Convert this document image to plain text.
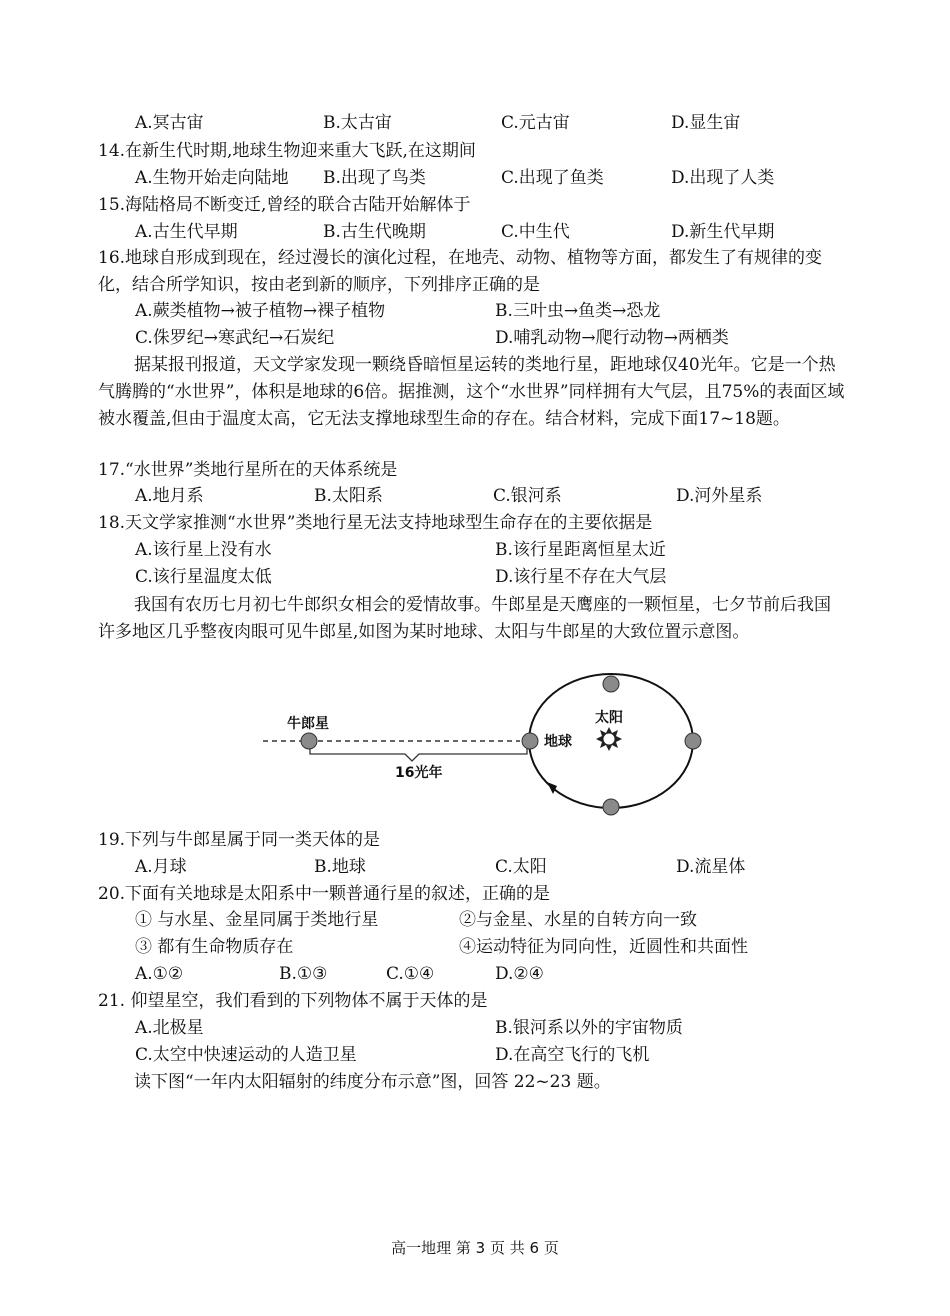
A.冥古宙	B.太古宙	C.元古宙	D.显生宙
14.在新生代时期,地球生物迎来重大飞跃,在这期间
A.生物开始走向陆地 B.出现了鸟类	C.出现了鱼类	D.出现了人类
15.海陆格局不断变迁,曾经的联合古陆开始解体于
A.古生代早期	B.古生代晚期	C.中生代	D.新生代早期
16.地球自形成到现在，经过漫长的演化过程，在地壳、动物、植物等方面，都发生了有规律的变化，结合所学知识，按由老到新的顺序，下列排序正确的是
A.蕨类植物→被子植物→裸子植物	B.三叶虫→鱼类→恐龙
C.侏罗纪→寒武纪→石炭纪	D.哺乳动物→爬行动物→两栖类
据某报刊报道，天文学家发现一颗绕昏暗恒星运转的类地行星，距地球仅40光年。它是一个热气腾腾的“水世界”，体积是地球的6倍。据推测，这个“水世界”同样拥有大气层，且75%的表面区域被水覆盖,但由于温度太高，它无法支撑地球型生命的存在。结合材料，完成下面17~18题。
17.“水世界”类地行星所在的天体系统是
A.地月系	B.太阳系	C.银河系	D.河外星系
18.天文学家推测“水世界”类地行星无法支持地球型生命存在的主要依据是
A.该行星上没有水	B.该行星距离恒星太近
C.该行星温度太低	D.该行星不存在大气层
我国有农历七月初七牛郎织女相会的爱情故事。牛郎星是天鹰座的一颗恒星，七夕节前后我国许多地区几乎整夜肉眼可见牛郎星,如图为某时地球、太阳与牛郎星的大致位置示意图。
16光年
牛郎星
地球
太阳
19.下列与牛郎星属于同一类天体的是
A.月球	B.地球	C.太阳	D.流星体
20.下面有关地球是太阳系中一颗普通行星的叙述，正确的是
① 与水星、金星同属于类地行星	②与金星、水星的自转方向一致
③ 都有生命物质存在	④运动特征为同向性，近圆性和共面性
A.①②	B.①③	C.①④	D.②④
21. 仰望星空，我们看到的下列物体不属于天体的是
A.北极星	B.银河系以外的宇宙物质
C.太空中快速运动的人造卫星	D.在高空飞行的飞机
读下图“一年内太阳辐射的纬度分布示意”图，回答 22~23 题。
高一地理 第 3 页 共 6 页
